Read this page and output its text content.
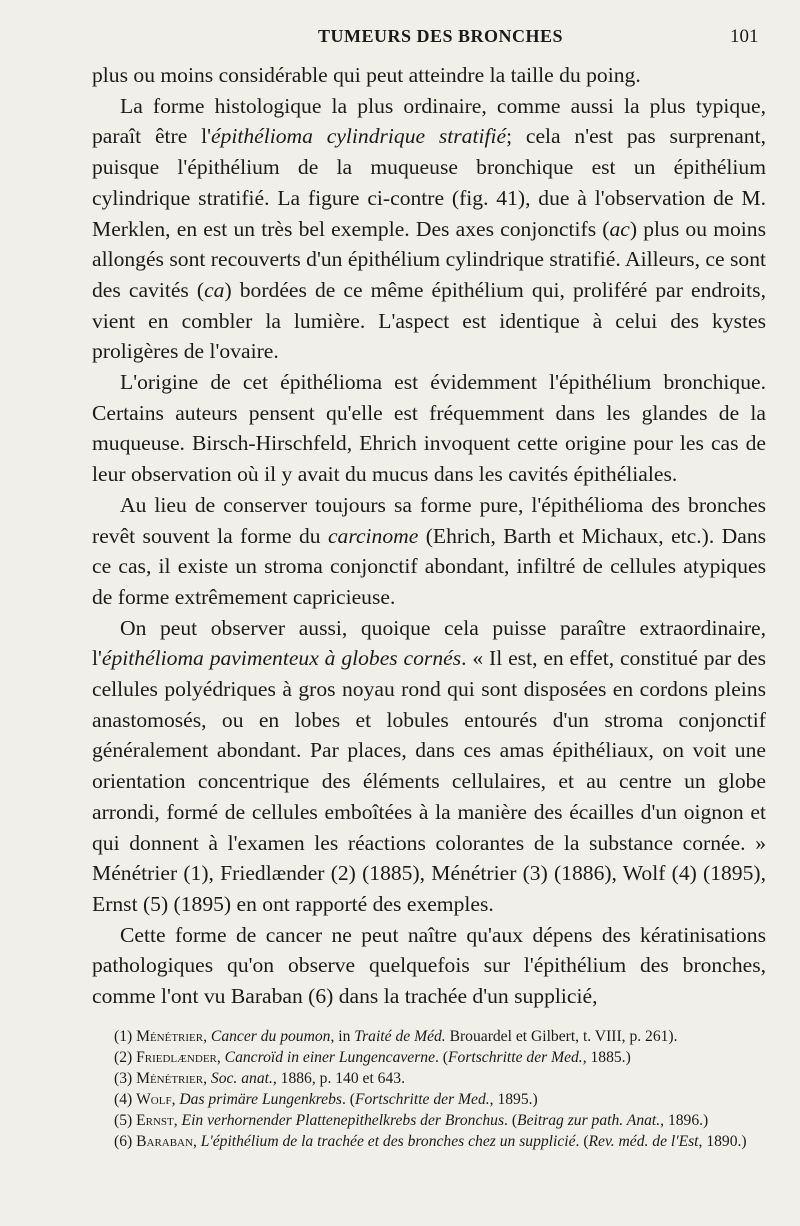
TUMEURS DES BRONCHES	101

plus ou moins considérable qui peut atteindre la taille du poing.

La forme histologique la plus ordinaire, comme aussi la plus typique, paraît être l'épithélioma cylindrique stratifié; cela n'est pas surprenant, puisque l'épithélium de la muqueuse bronchique est un épithélium cylindrique stratifié. La figure ci-contre (fig. 41), due à l'observation de M. Merklen, en est un très bel exemple. Des axes conjonctifs (ac) plus ou moins allongés sont recouverts d'un épithélium cylindrique stratifié. Ailleurs, ce sont des cavités (ca) bordées de ce même épithélium qui, proliféré par endroits, vient en combler la lumière. L'aspect est identique à celui des kystes proligères de l'ovaire.

L'origine de cet épithélioma est évidemment l'épithélium bronchique. Certains auteurs pensent qu'elle est fréquemment dans les glandes de la muqueuse. Birsch-Hirschfeld, Ehrich invoquent cette origine pour les cas de leur observation où il y avait du mucus dans les cavités épithéliales.

Au lieu de conserver toujours sa forme pure, l'épithélioma des bronches revêt souvent la forme du carcinome (Ehrich, Barth et Michaux, etc.). Dans ce cas, il existe un stroma conjonctif abondant, infiltré de cellules atypiques de forme extrêmement capricieuse.

On peut observer aussi, quoique cela puisse paraître extraordinaire, l'épithélioma pavimenteux à globes cornés. « Il est, en effet, constitué par des cellules polyédriques à gros noyau rond qui sont disposées en cordons pleins anastomosés, ou en lobes et lobules entourés d'un stroma conjonctif généralement abondant. Par places, dans ces amas épithéliaux, on voit une orientation concentrique des éléments cellulaires, et au centre un globe arrondi, formé de cellules emboîtées à la manière des écailles d'un oignon et qui donnent à l'examen les réactions colorantes de la substance cornée. » Ménétrier (1), Friedlænder (2) (1885), Ménétrier (3) (1886), Wolf (4) (1895), Ernst (5) (1895) en ont rapporté des exemples.

Cette forme de cancer ne peut naître qu'aux dépens des kératinisations pathologiques qu'on observe quelquefois sur l'épithélium des bronches, comme l'ont vu Baraban (6) dans la trachée d'un supplicié,

(1) Ménétrier, Cancer du poumon, in Traité de Méd. Brouardel et Gilbert, t. VIII, p. 261).

(2) Friedlænder, Cancroïd in einer Lungencaverne. (Fortschritte der Med., 1885.)

(3) Ménétrier, Soc. anat., 1886, p. 140 et 643.

(4) Wolf, Das primäre Lungenkrebs. (Fortschritte der Med., 1895.)

(5) Ernst, Ein verhornender Plattenepithelkrebs der Bronchus. (Beitrag zur path. Anat., 1896.)

(6) Baraban, L'épithélium de la trachée et des bronches chez un supplicié. (Rev. méd. de l'Est, 1890.)
